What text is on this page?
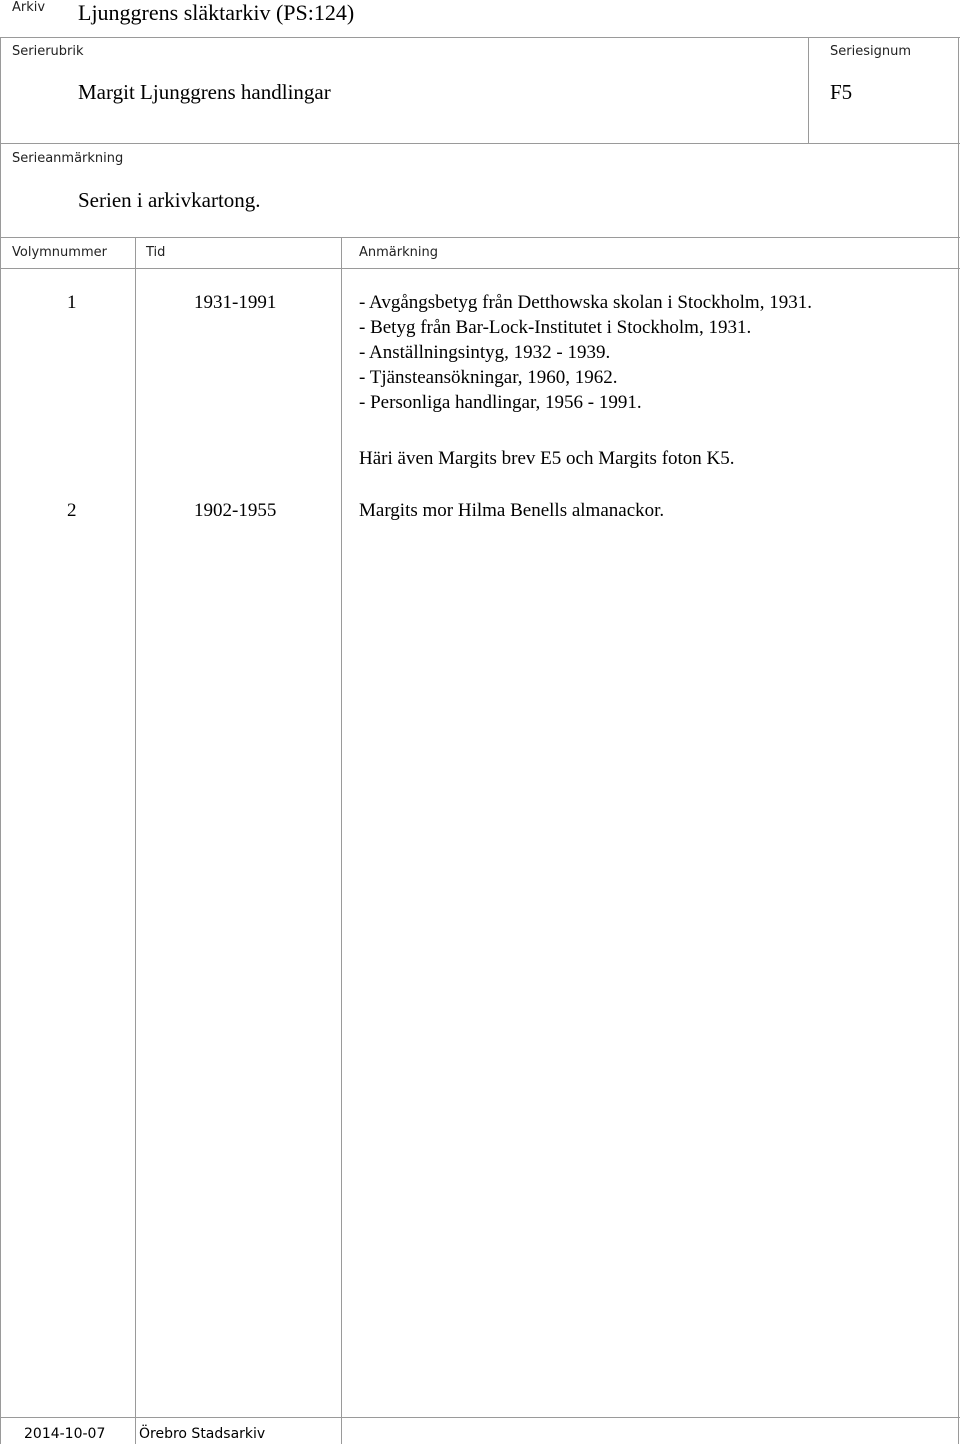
Arkiv Ljunggrens släktarkiv (PS:124)
Serierubrik
Margit Ljunggrens handlingar
Seriesignum
F5
Serieanmärkning
Serien i arkivkartong.
Volymnummer	Tid	Anmärkning
1	1931-1991	- Avgångsbetyg från Detthowska skolan i Stockholm, 1931.
- Betyg från Bar-Lock-Institutet i Stockholm, 1931.
- Anställningsintyg, 1932 - 1939.
- Tjänsteansökningar, 1960, 1962.
- Personliga handlingar, 1956 - 1991.
Häri även Margits brev E5 och Margits foton K5.
2	1902-1955	Margits mor Hilma Benells almanackor.
2014-10-07 Örebro Stadsarkiv
